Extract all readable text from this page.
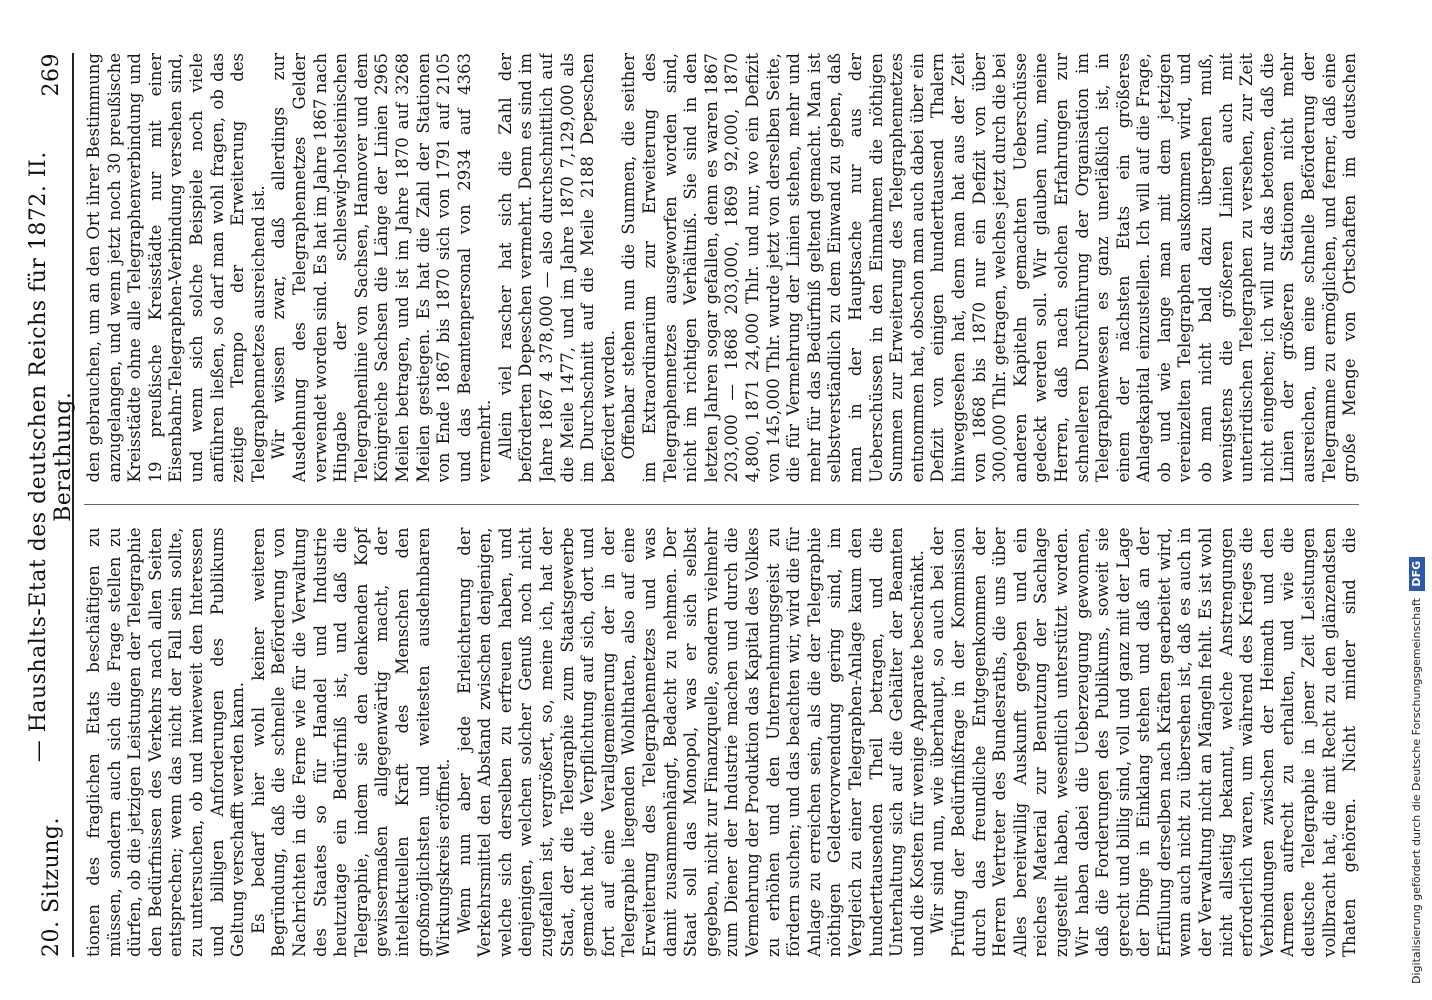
20. Sitzung.
— Haushalts-Etat des deutschen Reichs für 1872. II. Berathung.
269

tionen des fraglichen Etats beschäftigen zu müssen, sondern auch sich die Frage stellen zu dürfen, ob die jetzigen Leistungen der Telegraphie den Bedürfnissen des Verkehrs nach allen Seiten entsprechen; wenn das nicht der Fall sein sollte, zu untersuchen, ob und inwieweit den Interessen und billigen Anforderungen des Publikums Geltung verschafft werden kann. Es bedarf hier wohl keiner weiteren Begründung, daß die schnelle Beförderung von Nachrichten in die Ferne wie für die Verwaltung des Staates so für Handel und Industrie heutzutage ein Bedürfniß ist, und daß die Telegraphie, indem sie den denkenden Kopf gewissermaßen allgegenwärtig macht, der intellektuellen Kraft des Menschen den großmöglichsten und weitesten ausdehnbaren Wirkungskreis eröffnet. Wenn nun aber jede Erleichterung der Verkehrsmittel den Abstand zwischen denjenigen, welche sich derselben zu erfreuen haben, und denjenigen, welchen solcher Genuß noch nicht zugefallen ist, vergrößert, so, meine ich, hat der Staat, der die Telegraphie zum Staatsgewerbe gemacht hat, die Verpflichtung auf sich, dort und fort auf eine Verallgemeinerung der in der Telegraphie liegenden Wohlthaten, also auf eine Erweiterung des Telegraphennetzes und was damit zusammenhängt, Bedacht zu nehmen. Der Staat soll das Monopol, was er sich selbst gegeben, nicht zur Finanzquelle, sondern vielmehr zum Diener der Industrie machen und durch die Vermehrung der Produktion das Kapital des Volkes zu erhöhen und den Unternehmungsgeist zu fördern suchen; und das beachten wir, wird die für Anlage zu erreichen sein, als die der Telegraphie nöthigen Geldervorwendung gering sind, im Vergleich zu einer Telegraphen-Anlage kaum den hunderttausenden Theil betragen, und die Unterhaltung sich auf die Gehälter der Beamten und die Kosten für wenige Apparate beschränkt. Wir sind nun, wie überhaupt, so auch bei der Prüfung der Bedürfnißfrage in der Kommission durch das freundliche Entgegenkommen der Herren Vertreter des Bundesraths, die uns über Alles bereitwillig Auskunft gegeben und ein reiches Material zur Benutzung der Sachlage zugestellt haben, wesentlich unterstützt worden. Wir haben dabei die Ueberzeugung gewonnen, daß die Forderungen des Publikums, soweit sie gerecht und billig sind, voll und ganz mit der Lage der Dinge in Einklang stehen und daß an der Erfüllung derselben nach Kräften gearbeitet wird, wenn auch nicht zu übersehen ist, daß es auch in der Verwaltung nicht an Mängeln fehlt. Es ist wohl nicht allseitig bekannt, welche Anstrengungen erforderlich waren, um während des Krieges die Verbindungen zwischen der Heimath und den Armeen aufrecht zu erhalten, und wie die deutsche Telegraphie in jener Zeit Leistungen vollbracht hat, die mit Recht zu den glänzendsten Thaten gehören. Nicht minder sind die

den gebrauchen, um an den Ort ihrer Bestimmung anzugelangen, und wenn jetzt noch 30 preußische Kreisstädte ohne alle Telegraphenverbindung und 19 preußische Kreisstädte nur mit einer Eisenbahn-Telegraphen-Verbindung versehen sind, und wenn sich solche Beispiele noch viele anführen ließen, so darf man wohl fragen, ob das zeitige Tempo der Erweiterung des Telegraphennetzes ausreichend ist. Wir wissen zwar, daß allerdings zur Ausdehnung des Telegraphennetzes Gelder verwendet worden sind. Es hat im Jahre 1867 nach Hingabe der schleswig-holsteinischen Telegraphenlinie von Sachsen, Hannover und dem Königreiche Sachsen die Länge der Linien 2965 Meilen betragen, und ist im Jahre 1870 auf 3268 Meilen gestiegen. Es hat die Zahl der Stationen von Ende 1867 bis 1870 sich von 1791 auf 2105 und das Beamtenpersonal von 2934 auf 4363 vermehrt. Allein viel rascher hat sich die Zahl der beförderten Depeschen vermehrt. Denn es sind im Jahre 1867 4 378,000 — also durchschnittlich auf die Meile 1477, und im Jahre 1870 7,129,000 als im Durchschnitt auf die Meile 2188 Depeschen befördert worden. Offenbar stehen nun die Summen, die seither im Extraordinarium zur Erweiterung des Telegraphennetzes ausgeworfen worden sind, nicht im richtigen Verhältniß. Sie sind in den letzten Jahren sogar gefallen, denn es waren 1867 203,000 — 1868 203,000, 1869 92,000, 1870 4,800, 1871 24,000 Thlr. und nur, wo ein Defizit von 145,000 Thlr. wurde jetzt von derselben Seite, die für Vermehrung der Linien stehen, mehr und mehr für das Bedürfniß geltend gemacht. Man ist selbstverständlich zu dem Einwand zu geben, daß man in der Hauptsache nur aus der Ueberschüssen in den Einnahmen die nöthigen Summen zur Erweiterung des Telegraphennetzes entnommen hat, obschon man auch dabei über ein Defizit von einigen hunderttausend Thalern hinweggesehen hat, denn man hat aus der Zeit von 1868 bis 1870 nur ein Defizit von über 300,000 Thlr. getragen, welches jetzt durch die bei anderen Kapiteln gemachten Ueberschüsse gedeckt werden soll. Wir glauben nun, meine Herren, daß nach solchen Erfahrungen zur schnelleren Durchführung der Organisation im Telegraphenwesen es ganz unerläßlich ist, in einem der nächsten Etats ein größeres Anlagekapital einzustellen. Ich will auf die Frage, ob und wie lange man mit dem jetzigen vereinzelten Telegraphen auskommen wird, und ob man nicht bald dazu übergehen muß, wenigstens die größeren Linien auch mit unterirdischen Telegraphen zu versehen, zur Zeit nicht eingehen; ich will nur das betonen, daß die Linien der größeren Stationen nicht mehr ausreichen, um eine schnelle Beförderung der Telegramme zu ermöglichen, und ferner, daß eine große Menge von Ortschaften im deutschen

Digitalisierung gefördert durch die Deutsche Forschungsgemeinschaft DFG
